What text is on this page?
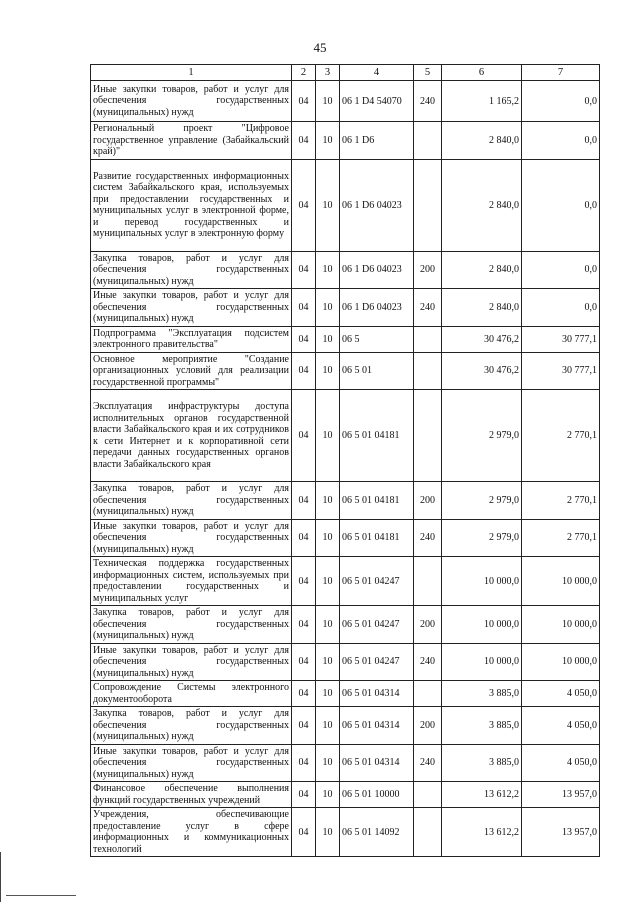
45
1	2	3	4	5	6	7
Иные закупки товаров, работ и услуг для обеспечения государственных (муниципальных) нужд	04	10	06 1 D4 54070	240	1 165,2	0,0
Региональный проект "Цифровое государственное управление (Забайкальский край)"	04	10	06 1 D6		2 840,0	0,0
Развитие государственных информационных систем Забайкальского края, используемых при предоставлении государственных и муниципальных услуг в электронной форме, и перевод государственных и муниципальных услуг в электронную форму	04	10	06 1 D6 04023		2 840,0	0,0
Закупка товаров, работ и услуг для обеспечения государственных (муниципальных) нужд	04	10	06 1 D6 04023	200	2 840,0	0,0
Иные закупки товаров, работ и услуг для обеспечения государственных (муниципальных) нужд	04	10	06 1 D6 04023	240	2 840,0	0,0
Подпрограмма "Эксплуатация подсистем электронного правительства"	04	10	06 5		30 476,2	30 777,1
Основное мероприятие "Создание организационных условий для реализации государственной программы"	04	10	06 5 01		30 476,2	30 777,1
Эксплуатация инфраструктуры доступа исполнительных органов государственной власти Забайкальского края и их сотрудников к сети Интернет и к корпоративной сети передачи данных государственных органов власти Забайкальского края	04	10	06 5 01 04181		2 979,0	2 770,1
Закупка товаров, работ и услуг для обеспечения государственных (муниципальных) нужд	04	10	06 5 01 04181	200	2 979,0	2 770,1
Иные закупки товаров, работ и услуг для обеспечения государственных (муниципальных) нужд	04	10	06 5 01 04181	240	2 979,0	2 770,1
Техническая поддержка государственных информационных систем, используемых при предоставлении государственных и муниципальных услуг	04	10	06 5 01 04247		10 000,0	10 000,0
Закупка товаров, работ и услуг для обеспечения государственных (муниципальных) нужд	04	10	06 5 01 04247	200	10 000,0	10 000,0
Иные закупки товаров, работ и услуг для обеспечения государственных (муниципальных) нужд	04	10	06 5 01 04247	240	10 000,0	10 000,0
Сопровождение Системы электронного документооборота	04	10	06 5 01 04314		3 885,0	4 050,0
Закупка товаров, работ и услуг для обеспечения государственных (муниципальных) нужд	04	10	06 5 01 04314	200	3 885,0	4 050,0
Иные закупки товаров, работ и услуг для обеспечения государственных (муниципальных) нужд	04	10	06 5 01 04314	240	3 885,0	4 050,0
Финансовое обеспечение выполнения функций государственных учреждений	04	10	06 5 01 10000		13 612,2	13 957,0
Учреждения, обеспечивающие предоставление услуг в сфере информационных и коммуникационных технологий	04	10	06 5 01 14092		13 612,2	13 957,0
